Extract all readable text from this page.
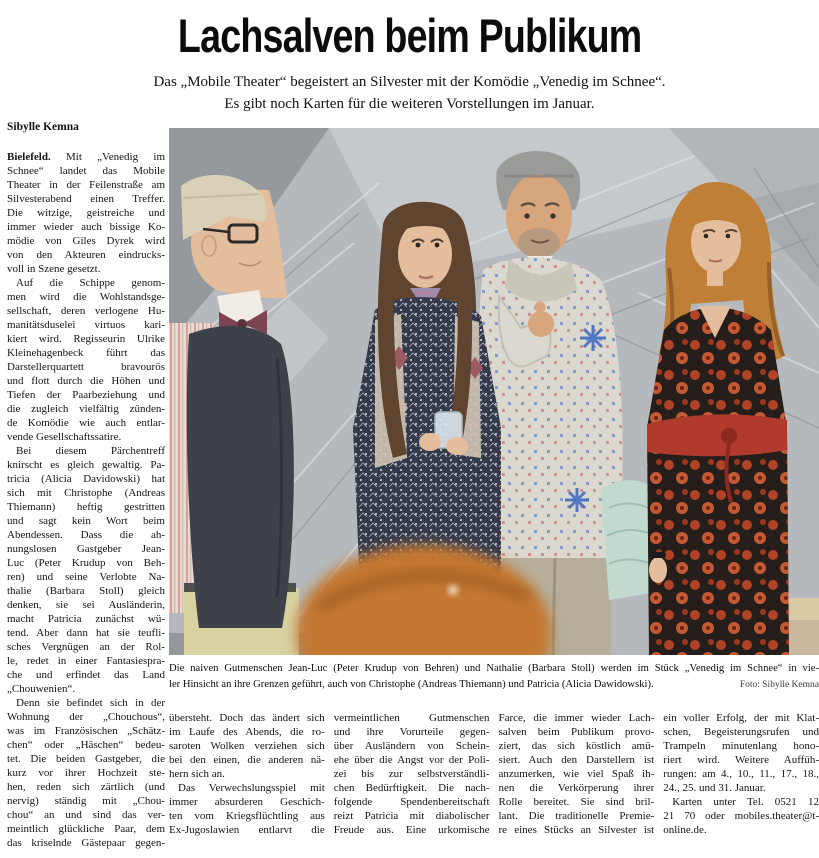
Lachsalven beim Publikum
Das „Mobile Theater“ begeistert an Silvester mit der Komödie „Venedig im Schnee“.
Es gibt noch Karten für die weiteren Vorstellungen im Januar.
Sibylle Kemna
Bielefeld. Mit „Venedig im
Schnee“ landet das Mobile
Theater in der Feilenstraße am
Silvesterabend einen Treffer.
Die witzige, geistreiche und
immer wieder auch bissige Ko-
mödie von Giles Dyrek wird
von den Akteuren eindrucks-
voll in Szene gesetzt.
Auf die Schippe genom-
men wird die Wohlstandsge-
sellschaft, deren verlogene Hu-
manitätsduselei virtuos kari-
kiert wird. Regisseurin Ulrike
Kleinehagenbeck führt das
Darstellerquartett bravourös
und flott durch die Höhen und
Tiefen der Paarbeziehung und
die zugleich vielfältig zünden-
de Komödie wie auch entlar-
vende Gesellschaftssatire.
Bei diesem Pärchentreff
knirscht es gleich gewaltig. Pa-
tricia (Alicia Davidowski) hat
sich mit Christophe (Andreas
Thiemann) heftig gestritten
und sagt kein Wort beim
Abendessen. Dass die ah-
nungslosen Gastgeber Jean-
Luc (Peter Krudup von Beh-
ren) und seine Verlobte Na-
thalie (Barbara Stoll) gleich
denken, sie sei Ausländerin,
macht Patricia zunächst wü-
tend. Aber dann hat sie teufli-
sches Vergnügen an der Rol-
le, redet in einer Fantasiespra-
che und erfindet das Land
„Chouwenien“.
Denn sie befindet sich in der
Wohnung der „Chouchous“,
was im Französischen „Schätz-
chen“ oder „Häschen“ bedeu-
tet. Die beiden Gastgeber, die
kurz vor ihrer Hochzeit ste-
hen, reden sich zärtlich (und
nervig) ständig mit „Chou-
chou“ an und sind das ver-
meintlich glückliche Paar, dem
das kriselnde Gästepaar gegen-
Die naiven Gutmenschen Jean-Luc (Peter Krudup von Behren) und Nathalie (Barbara Stoll) werden im Stück „Venedig im Schnee“ in vie-
ler Hinsicht an ihre Grenzen geführt, auch von Christophe (Andreas Thiemann) und Patricia (Alicia Dawidowski).	Foto: Sibylle Kemna
übersteht. Doch das ändert sich
im Laufe des Abends, die ro-
saroten Wolken verziehen sich
bei den einen, die anderen nä-
hern sich an.
Das Verwechslungsspiel mit
immer absurderen Geschich-
ten vom Kriegsflüchtling aus
Ex-Jugoslawien entlarvt die
vermeintlichen Gutmenschen
und ihre Vorurteile gegen-
über Ausländern von Schein-
ehe über die Angst vor der Poli-
zei bis zur selbstverständli-
chen Bedürftigkeit. Die nach-
folgende Spendenbereitschaft
reizt Patricia mit diabolischer
Freude aus. Eine urkomische
Farce, die immer wieder Lach-
salven beim Publikum provo-
ziert, das sich köstlich amü-
siert. Auch den Darstellern ist
anzumerken, wie viel Spaß ih-
nen die Verkörperung ihrer
Rolle bereitet. Sie sind bril-
lant. Die traditionelle Premie-
re eines Stücks an Silvester ist
ein voller Erfolg, der mit Klat-
schen, Begeisterungsrufen und
Trampeln minutenlang hono-
riert wird. Weitere Auffüh-
rungen: am 4., 10., 11., 17., 18.,
24., 25. und 31. Januar.
Karten unter Tel. 0521 12
21 70 oder mobiles.theater@t-
online.de.
